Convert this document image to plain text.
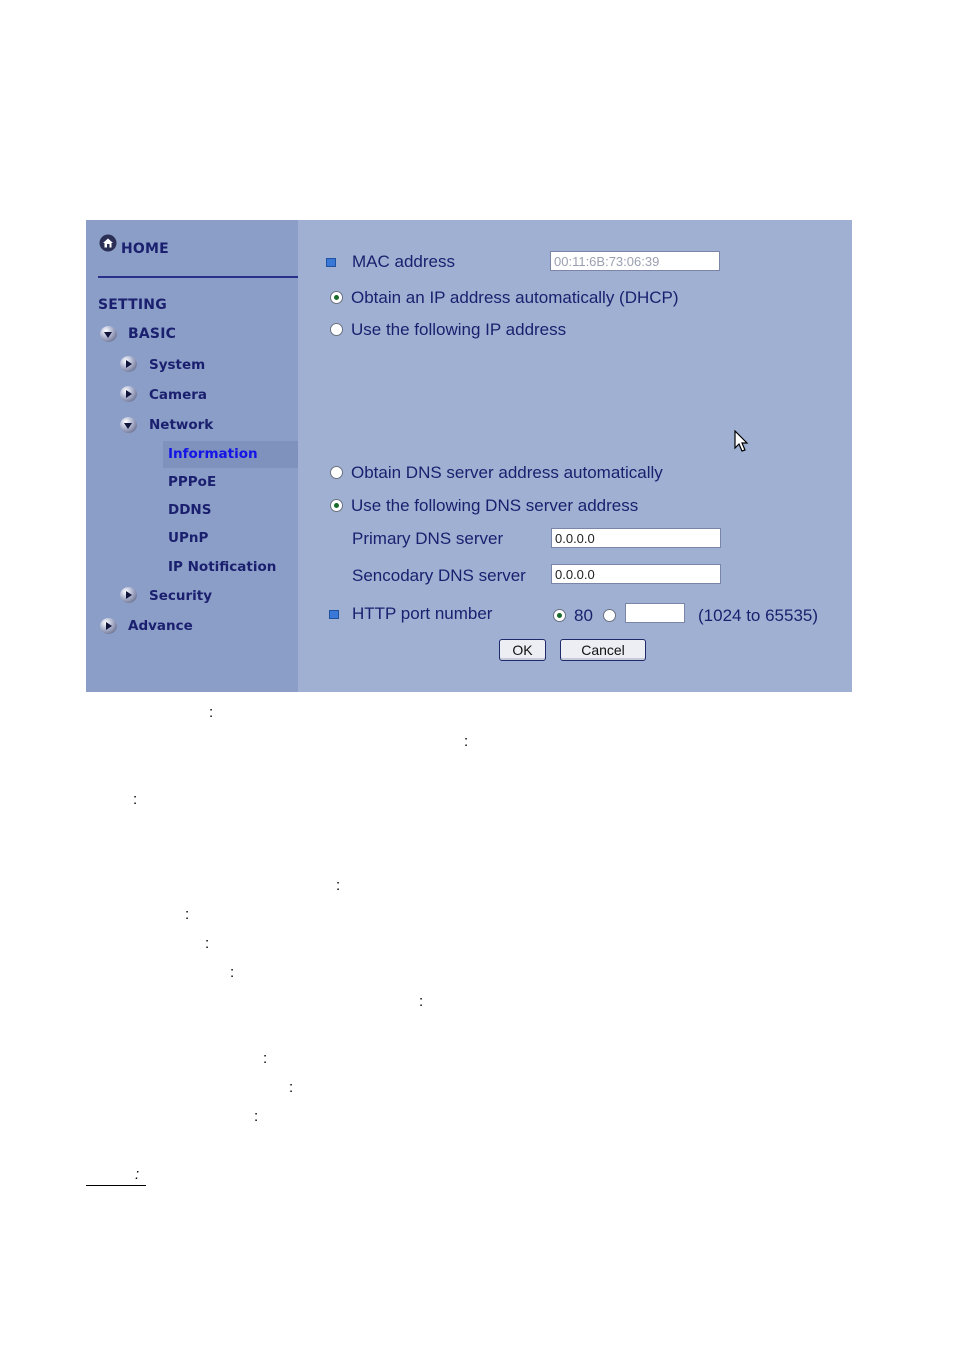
HOME
SETTING
BASIC
System
Camera
Network
Information
PPPoE
DDNS
UPnP
IP Notification
Security
Advance
MAC address	00:11:6B:73:06:39
Obtain an IP address automatically (DHCP)
Use the following IP address
Obtain DNS server address automatically
Use the following DNS server address
Primary DNS server	0.0.0.0
Sencodary DNS server	0.0.0.0
HTTP port number	80	(1024 to 65535)
OK	Cancel
:
:
:
:
:
:
:
:
:
:
:
:
